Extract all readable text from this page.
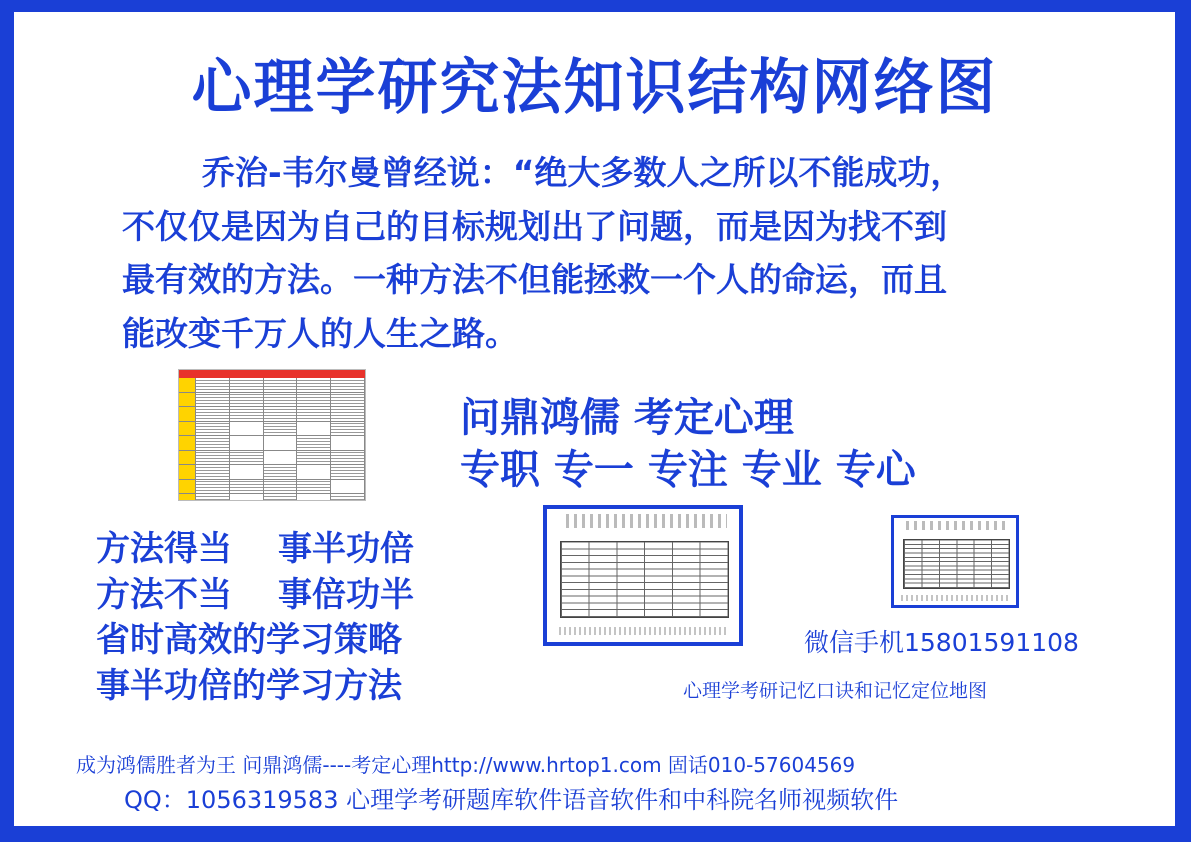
心理学研究法知识结构网络图

乔治-韦尔曼曾经说：“绝大多数人之所以不能成功，

不仅仅是因为自己的目标规划出了问题，而是因为找不到

最有效的方法。一种方法不但能拯救一个人的命运，而且

能改变千万人的人生之路。

问鼎鸿儒 考定心理
专职 专一 专注 专业 专心
微信手机15801591108
心理学考研记忆口诀和记忆定位地图
方法得当 事半功倍
方法不当 事倍功半
省时高效的学习策略
事半功倍的学习方法
成为鸿儒胜者为王 问鼎鸿儒----考定心理http://www.hrtop1.com 固话010-57604569
QQ：1056319583 心理学考研题库软件语音软件和中科院名师视频软件
